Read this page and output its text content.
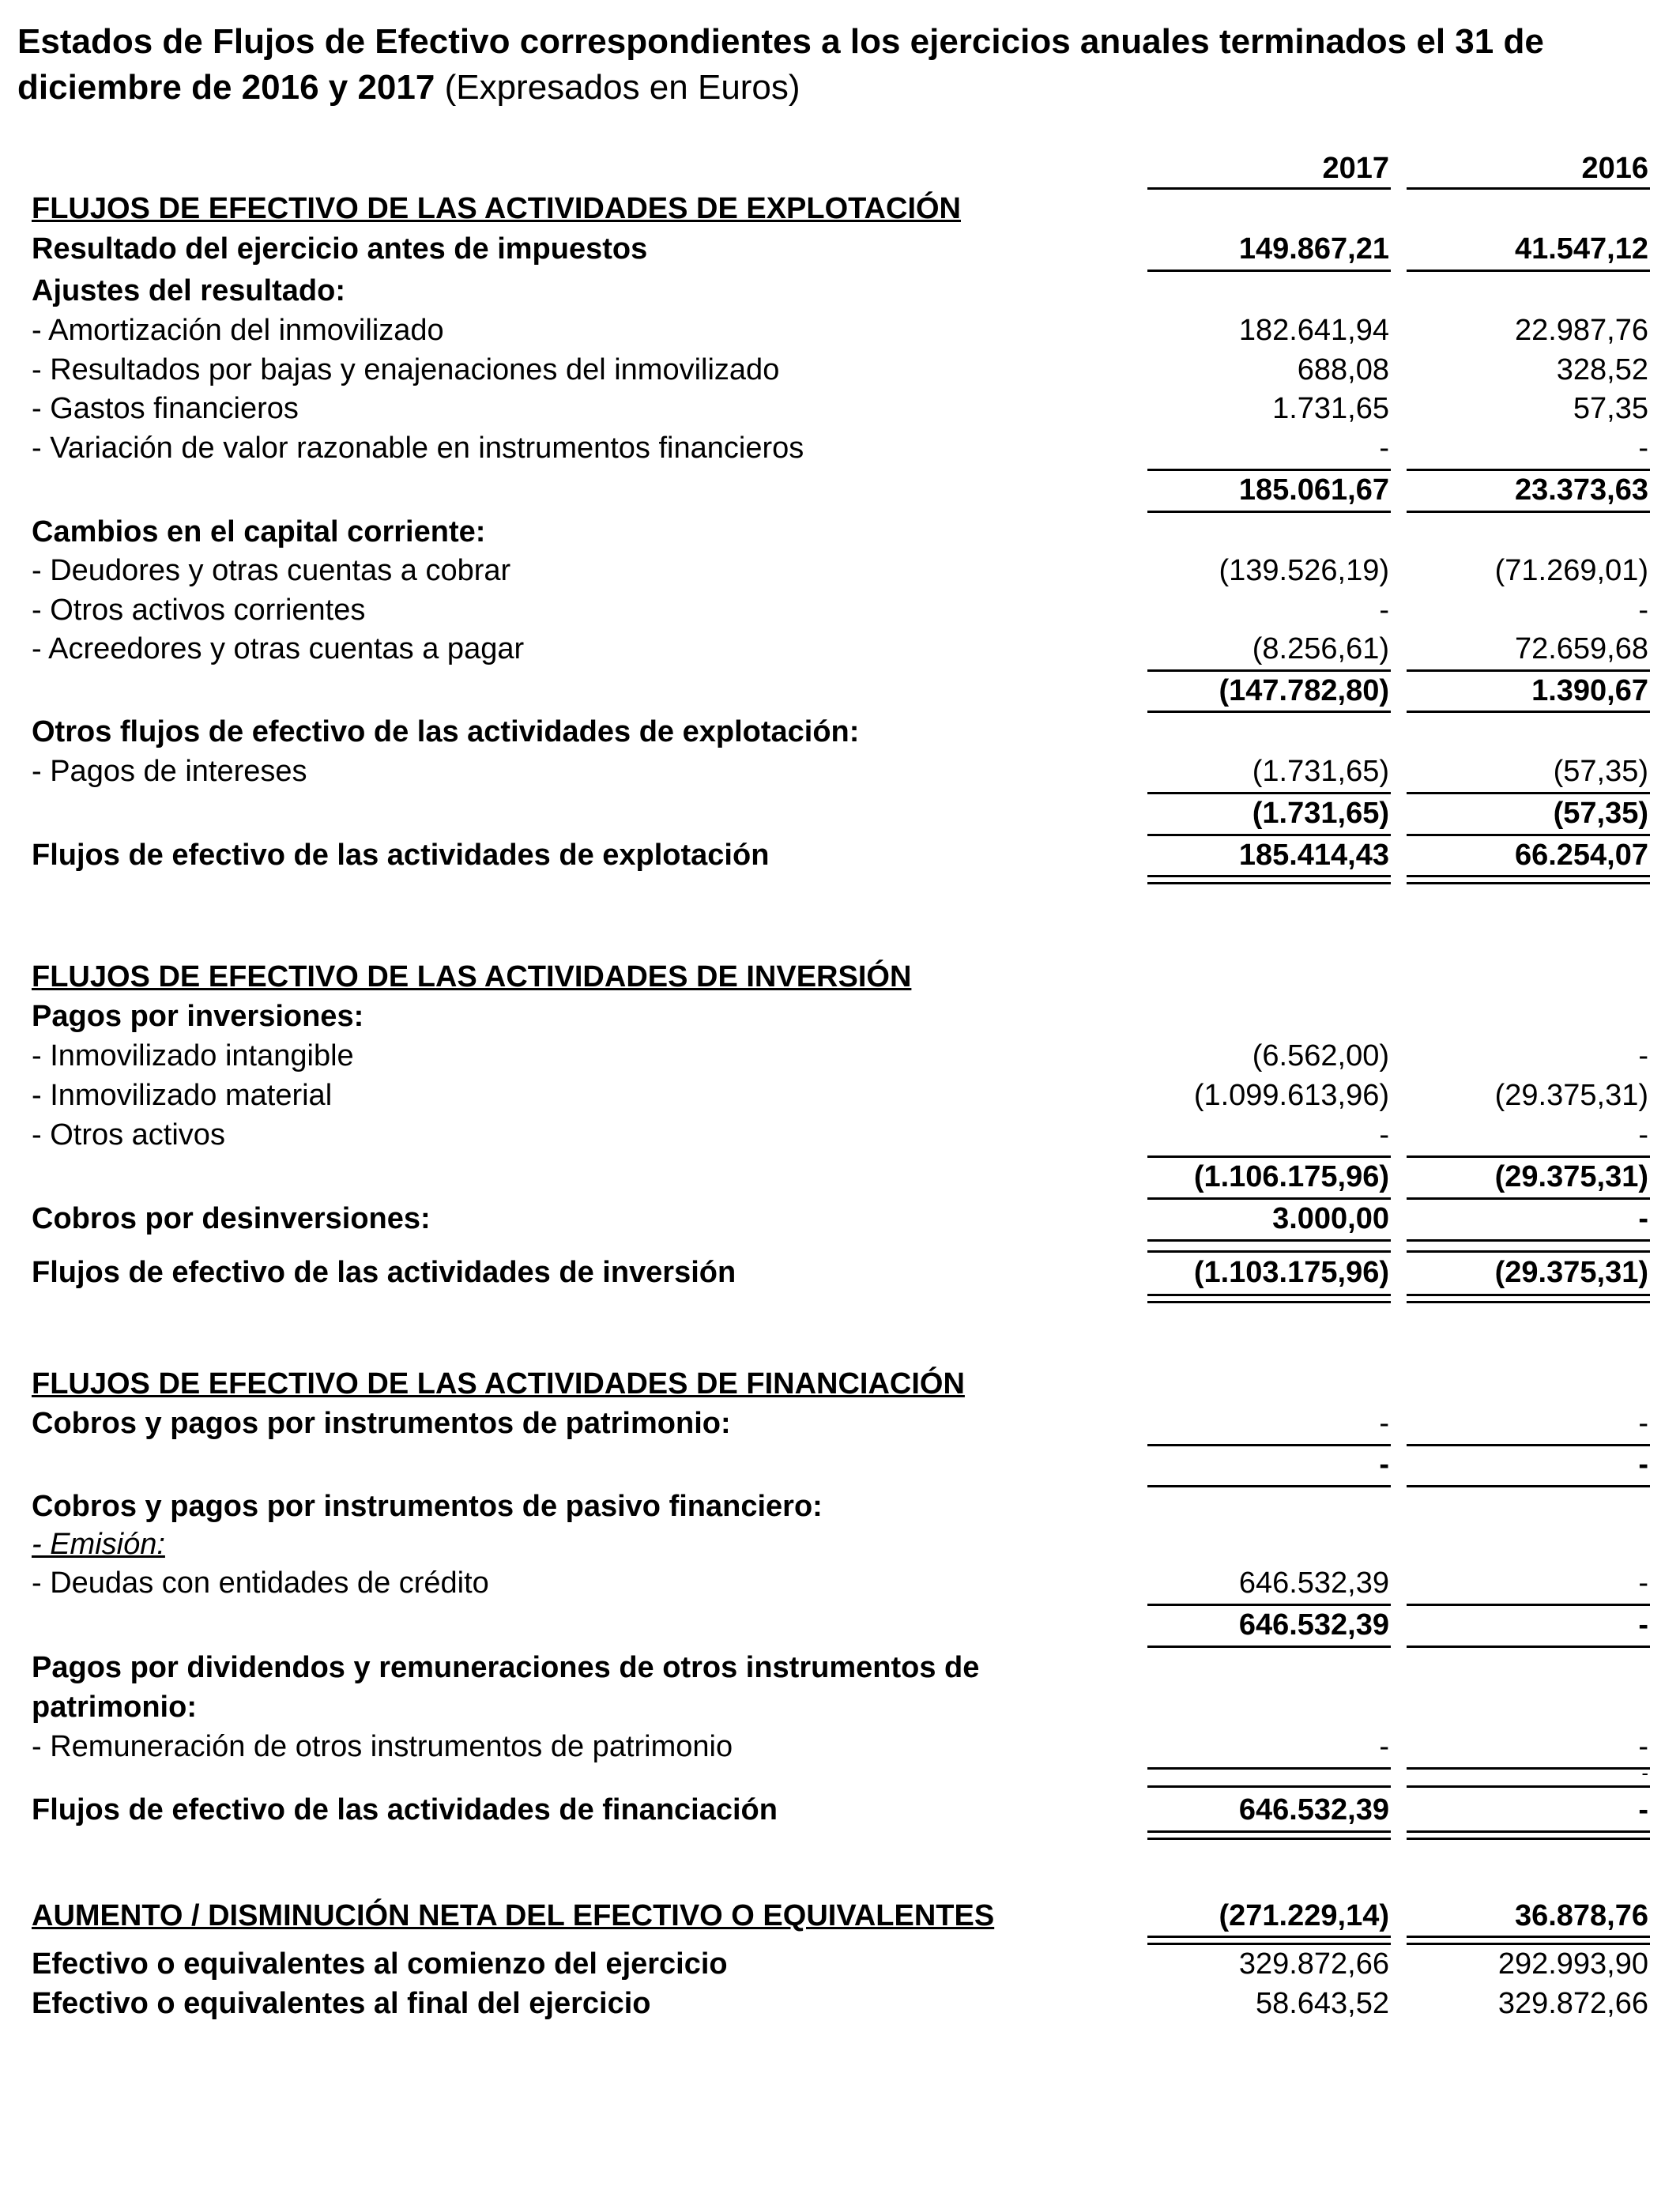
Estados de Flujos de Efectivo correspondientes a los ejercicios anuales terminados el 31 de diciembre de 2016 y 2017 (Expresados en Euros)
2017	2016
FLUJOS DE EFECTIVO DE LAS ACTIVIDADES DE EXPLOTACIÓN
Resultado del ejercicio antes de impuestos	149.867,21	41.547,12
Ajustes del resultado:
- Amortización del inmovilizado	182.641,94	22.987,76
- Resultados por bajas y enajenaciones del inmovilizado	688,08	328,52
- Gastos financieros	1.731,65	57,35
- Variación de valor razonable en instrumentos financieros	-	-
185.061,67	23.373,63
Cambios en el capital corriente:
- Deudores y otras cuentas a cobrar	(139.526,19)	(71.269,01)
- Otros activos corrientes	-	-
- Acreedores y otras cuentas a pagar	(8.256,61)	72.659,68
(147.782,80)	1.390,67
Otros flujos de efectivo de las actividades de explotación:
- Pagos de intereses	(1.731,65)	(57,35)
(1.731,65)	(57,35)
Flujos de efectivo de las actividades de explotación	185.414,43	66.254,07
FLUJOS DE EFECTIVO DE LAS ACTIVIDADES DE INVERSIÓN
Pagos por inversiones:
- Inmovilizado intangible	(6.562,00)	-
- Inmovilizado material	(1.099.613,96)	(29.375,31)
- Otros activos	-	-
(1.106.175,96)	(29.375,31)
Cobros por desinversiones:	3.000,00	-
Flujos de efectivo de las actividades de inversión	(1.103.175,96)	(29.375,31)
FLUJOS DE EFECTIVO DE LAS ACTIVIDADES DE FINANCIACIÓN
Cobros y pagos por instrumentos de patrimonio:	-	-
-	-
Cobros y pagos por instrumentos de pasivo financiero:
- Emisión:
- Deudas con entidades de crédito	646.532,39	-
646.532,39	-
Pagos por dividendos y remuneraciones de otros instrumentos de patrimonio:
- Remuneración de otros instrumentos de patrimonio	-	-
-
Flujos de efectivo de las actividades de financiación	646.532,39	-
AUMENTO / DISMINUCIÓN NETA DEL EFECTIVO O EQUIVALENTES	(271.229,14)	36.878,76
Efectivo o equivalentes al comienzo del ejercicio	329.872,66	292.993,90
Efectivo o equivalentes al final del ejercicio	58.643,52	329.872,66
